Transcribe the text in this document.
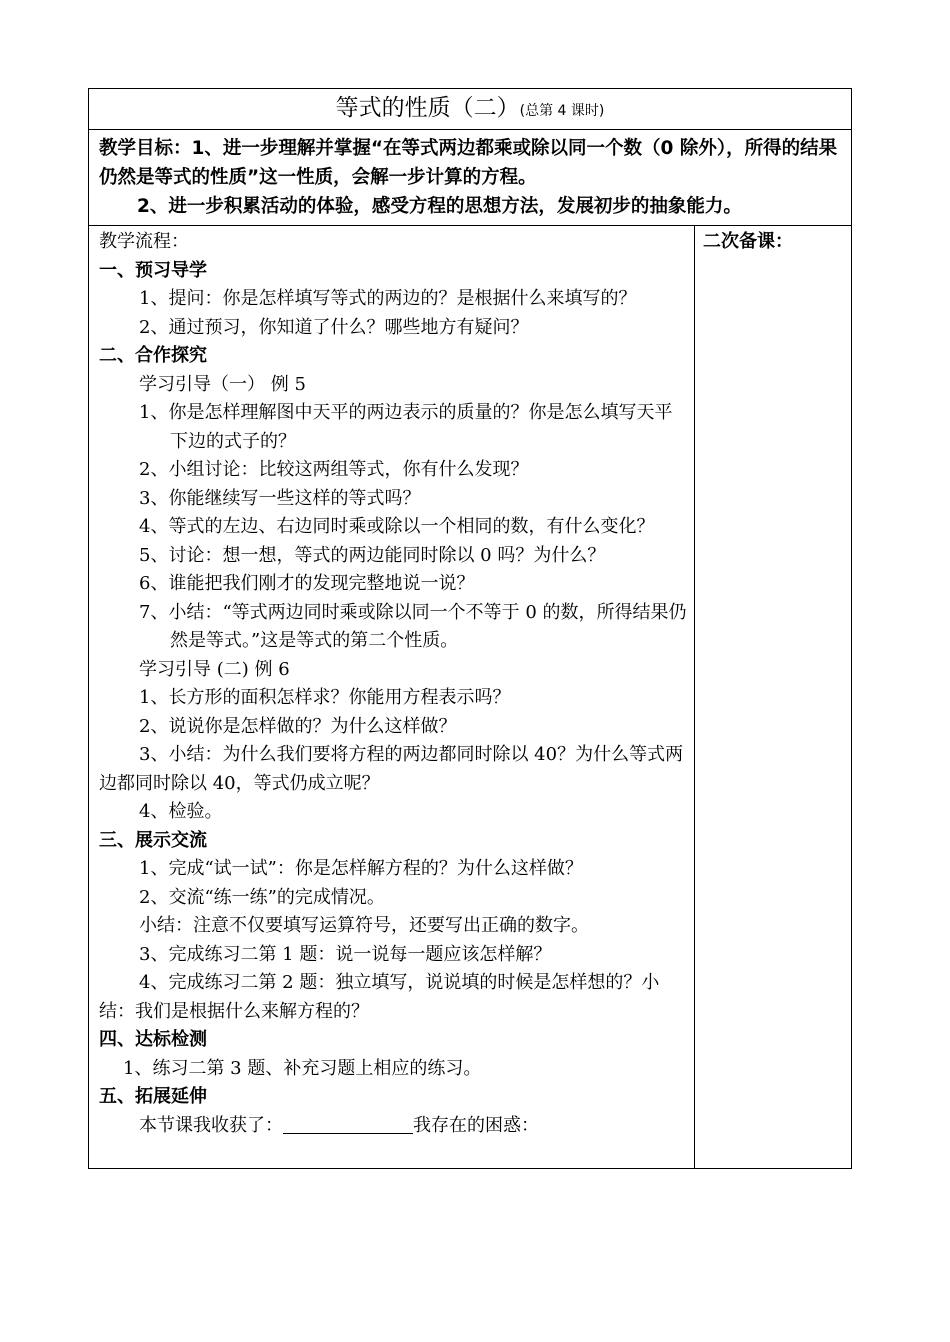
等式的性质（二）(总第 4 课时)

教学目标：1、进一步理解并掌握“在等式两边都乘或除以同一个数（0 除外），所得的结果仍然是等式的性质”这一性质，会解一步计算的方程。

2、进一步积累活动的体验，感受方程的思想方法，发展初步的抽象能力。

教学流程：

一、预习导学

1、提问：你是怎样填写等式的两边的？是根据什么来填写的？

2、通过预习，你知道了什么？哪些地方有疑问？

二、合作探究

学习引导（一） 例 5

1、你是怎样理解图中天平的两边表示的质量的？你是怎么填写天平下边的式子的？

2、小组讨论：比较这两组等式，你有什么发现？

3、你能继续写一些这样的等式吗？

4、等式的左边、右边同时乘或除以一个相同的数，有什么变化？

5、讨论：想一想，等式的两边能同时除以 0 吗？为什么？

6、谁能把我们刚才的发现完整地说一说？

7、小结：“等式两边同时乘或除以同一个不等于 0 的数，所得结果仍然是等式。”这是等式的第二个性质。

学习引导 (二) 例 6

1、长方形的面积怎样求？你能用方程表示吗？

2、说说你是怎样做的？为什么这样做？

3、小结：为什么我们要将方程的两边都同时除以 40？为什么等式两边都同时除以 40，等式仍成立呢？

4、检验。

三、展示交流

1、完成“试一试”：你是怎样解方程的？为什么这样做？

2、交流“练一练”的完成情况。

小结：注意不仅要填写运算符号，还要写出正确的数字。

3、完成练习二第 1 题：说一说每一题应该怎样解？

4、完成练习二第 2 题：独立填写，说说填的时候是怎样想的？小结：我们是根据什么来解方程的？

四、达标检测

1、练习二第 3 题、补充习题上相应的练习。

五、拓展延伸

本节课我收获了：	我存在的困惑：

二次备课：
